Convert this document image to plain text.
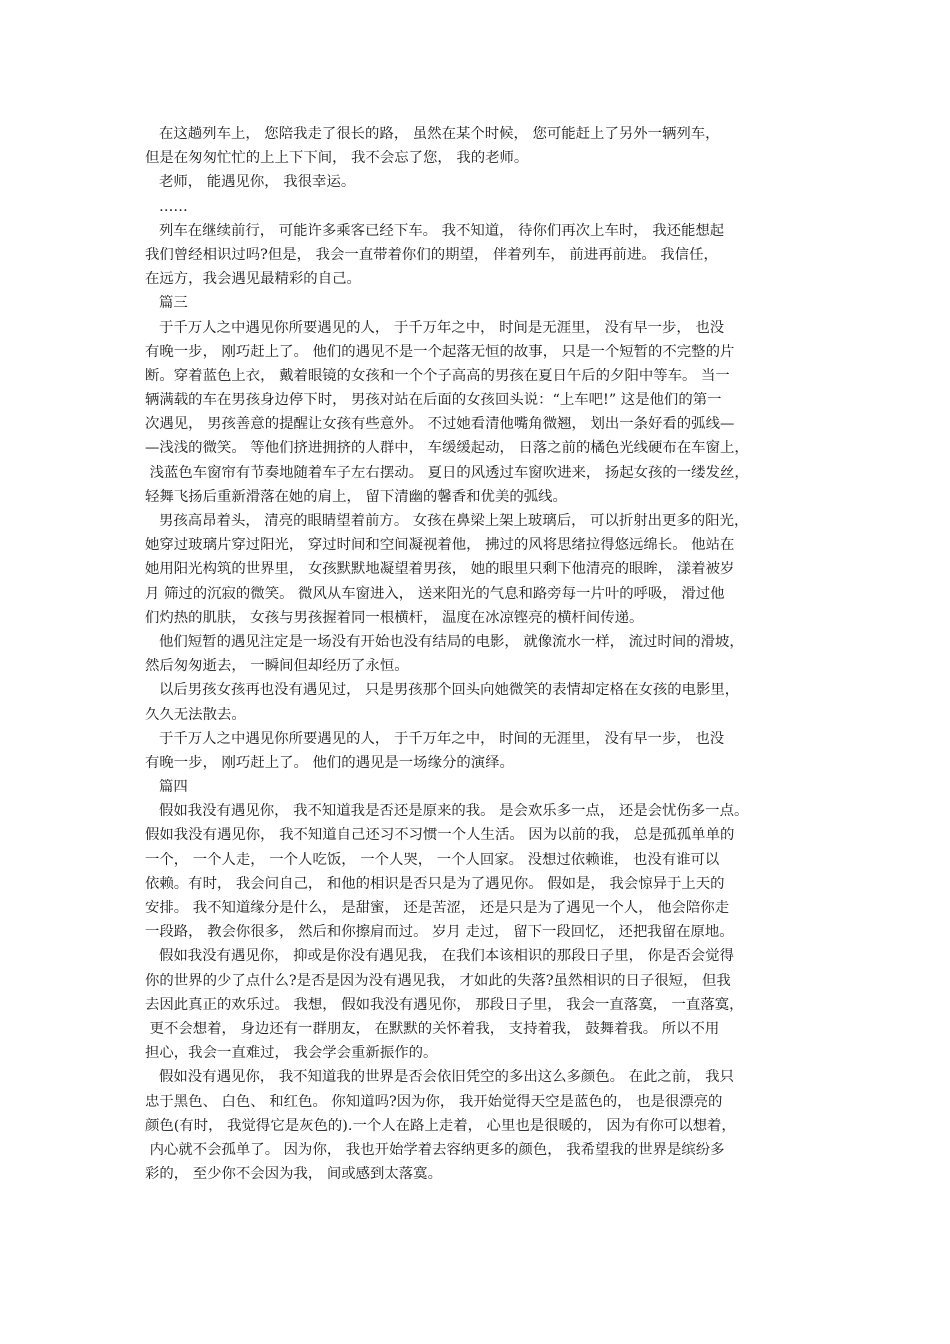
在这趟列车上， 您陪我走了很长的路， 虽然在某个时候， 您可能赶上了另外一辆列车，
但是在匆匆忙忙的上上下下间， 我不会忘了您， 我的老师。
老师， 能遇见你， 我很幸运。
……
列车在继续前行， 可能许多乘客已经下车。 我不知道， 待你们再次上车时， 我还能想起
我们曾经相识过吗?但是， 我会一直带着你们的期望， 伴着列车， 前进再前进。 我信任，
在远方，我会遇见最精彩的自己。
篇三
于千万人之中遇见你所要遇见的人， 于千万年之中， 时间是无涯里， 没有早一步， 也没
有晚一步， 刚巧赶上了。 他们的遇见不是一个起落无恒的故事， 只是一个短暂的不完整的片
断。穿着蓝色上衣， 戴着眼镜的女孩和一个个子高高的男孩在夏日午后的夕阳中等车。 当一
辆满载的车在男孩身边停下时， 男孩对站在后面的女孩回头说：“上车吧!” 这是他们的第一
次遇见， 男孩善意的提醒让女孩有些意外。 不过她看清他嘴角微翘， 划出一条好看的弧线—
—浅浅的微笑。 等他们挤进拥挤的人群中， 车缓缓起动， 日落之前的橘色光线硬布在车窗上，
浅蓝色车窗帘有节奏地随着车子左右摆动。 夏日的风透过车窗吹进来， 扬起女孩的一缕发丝，
轻舞飞扬后重新滑落在她的肩上， 留下清幽的馨香和优美的弧线。
男孩高昂着头， 清亮的眼睛望着前方。 女孩在鼻梁上架上玻璃后， 可以折射出更多的阳光，
她穿过玻璃片穿过阳光， 穿过时间和空间凝视着他， 拂过的风将思绪拉得悠远绵长。 他站在
她用阳光构筑的世界里， 女孩默默地凝望着男孩， 她的眼里只剩下他清亮的眼眸， 漾着被岁
月 筛过的沉寂的微笑。 微风从车窗进入， 送来阳光的气息和路旁每一片叶的呼吸， 滑过他
们灼热的肌肤， 女孩与男孩握着同一根横杆， 温度在冰凉铿亮的横杆间传递。
他们短暂的遇见注定是一场没有开始也没有结局的电影， 就像流水一样， 流过时间的滑坡，
然后匆匆逝去， 一瞬间但却经历了永恒。
以后男孩女孩再也没有遇见过， 只是男孩那个回头向她微笑的表情却定格在女孩的电影里，
久久无法散去。
于千万人之中遇见你所要遇见的人， 于千万年之中， 时间的无涯里， 没有早一步， 也没
有晚一步， 刚巧赶上了。 他们的遇见是一场缘分的演绎。
篇四
假如我没有遇见你， 我不知道我是否还是原来的我。 是会欢乐多一点， 还是会忧伤多一点。
假如我没有遇见你， 我不知道自己还习不习惯一个人生活。 因为以前的我， 总是孤孤单单的
一个， 一个人走， 一个人吃饭， 一个人哭， 一个人回家。 没想过依赖谁， 也没有谁可以
依赖。有时， 我会问自己， 和他的相识是否只是为了遇见你。 假如是， 我会惊异于上天的
安排。 我不知道缘分是什么， 是甜蜜， 还是苦涩， 还是只是为了遇见一个人， 他会陪你走
一段路， 教会你很多， 然后和你擦肩而过。 岁月 走过， 留下一段回忆， 还把我留在原地。
假如我没有遇见你， 抑或是你没有遇见我， 在我们本该相识的那段日子里， 你是否会觉得
你的世界的少了点什么?是否是因为没有遇见我， 才如此的失落?虽然相识的日子很短， 但我
去因此真正的欢乐过。 我想， 假如我没有遇见你， 那段日子里， 我会一直落寞， 一直落寞，
更不会想着， 身边还有一群朋友， 在默默的关怀着我， 支持着我， 鼓舞着我。 所以不用
担心，我会一直难过， 我会学会重新振作的。
假如没有遇见你， 我不知道我的世界是否会依旧凭空的多出这么多颜色。 在此之前， 我只
忠于黑色、 白色、 和红色。 你知道吗?因为你， 我开始觉得天空是蓝色的， 也是很漂亮的
颜色(有时， 我觉得它是灰色的).一个人在路上走着， 心里也是很暖的， 因为有你可以想着，
内心就不会孤单了。 因为你， 我也开始学着去容纳更多的颜色， 我希望我的世界是缤纷多
彩的， 至少你不会因为我， 间或感到太落寞。
